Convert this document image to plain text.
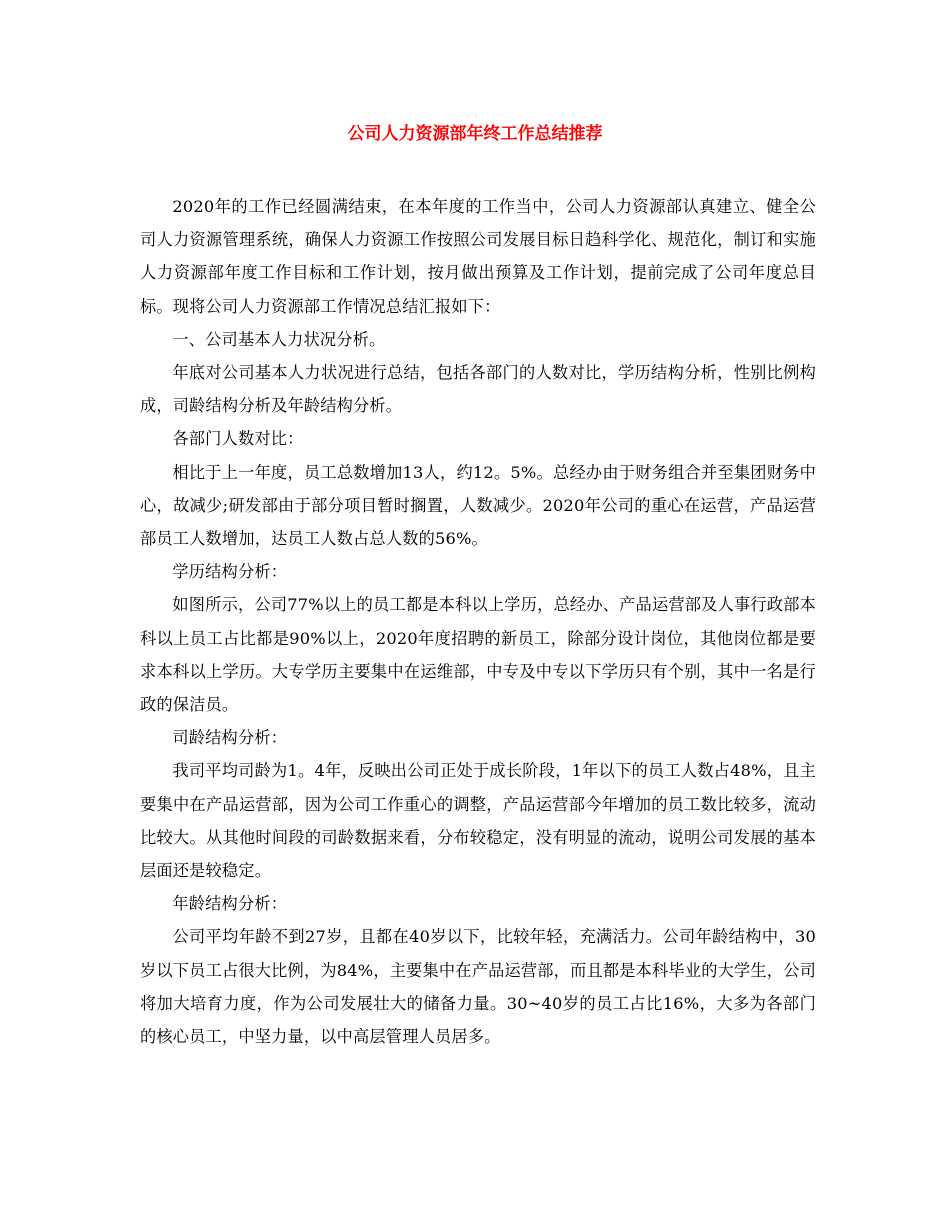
公司人力资源部年终工作总结推荐

2020年的工作已经圆满结束，在本年度的工作当中，公司人力资源部认真建立、健全公司人力资源管理系统，确保人力资源工作按照公司发展目标日趋科学化、规范化，制订和实施人力资源部年度工作目标和工作计划，按月做出预算及工作计划，提前完成了公司年度总目标。现将公司人力资源部工作情况总结汇报如下：

一、公司基本人力状况分析。

年底对公司基本人力状况进行总结，包括各部门的人数对比，学历结构分析，性别比例构成，司龄结构分析及年龄结构分析。

各部门人数对比：

相比于上一年度，员工总数增加13人，约12。5%。总经办由于财务组合并至集团财务中心，故减少;研发部由于部分项目暂时搁置，人数减少。2020年公司的重心在运营，产品运营部员工人数增加，达员工人数占总人数的56%。

学历结构分析：

如图所示，公司77%以上的员工都是本科以上学历，总经办、产品运营部及人事行政部本科以上员工占比都是90%以上，2020年度招聘的新员工，除部分设计岗位，其他岗位都是要求本科以上学历。大专学历主要集中在运维部，中专及中专以下学历只有个别，其中一名是行政的保洁员。

司龄结构分析：

我司平均司龄为1。4年，反映出公司正处于成长阶段，1年以下的员工人数占48%，且主要集中在产品运营部，因为公司工作重心的调整，产品运营部今年增加的员工数比较多，流动比较大。从其他时间段的司龄数据来看，分布较稳定，没有明显的流动，说明公司发展的基本层面还是较稳定。

年龄结构分析：

公司平均年龄不到27岁，且都在40岁以下，比较年轻，充满活力。公司年龄结构中，30岁以下员工占很大比例，为84%，主要集中在产品运营部，而且都是本科毕业的大学生，公司将加大培育力度，作为公司发展壮大的储备力量。30~40岁的员工占比16%，大多为各部门的核心员工，中坚力量，以中高层管理人员居多。
